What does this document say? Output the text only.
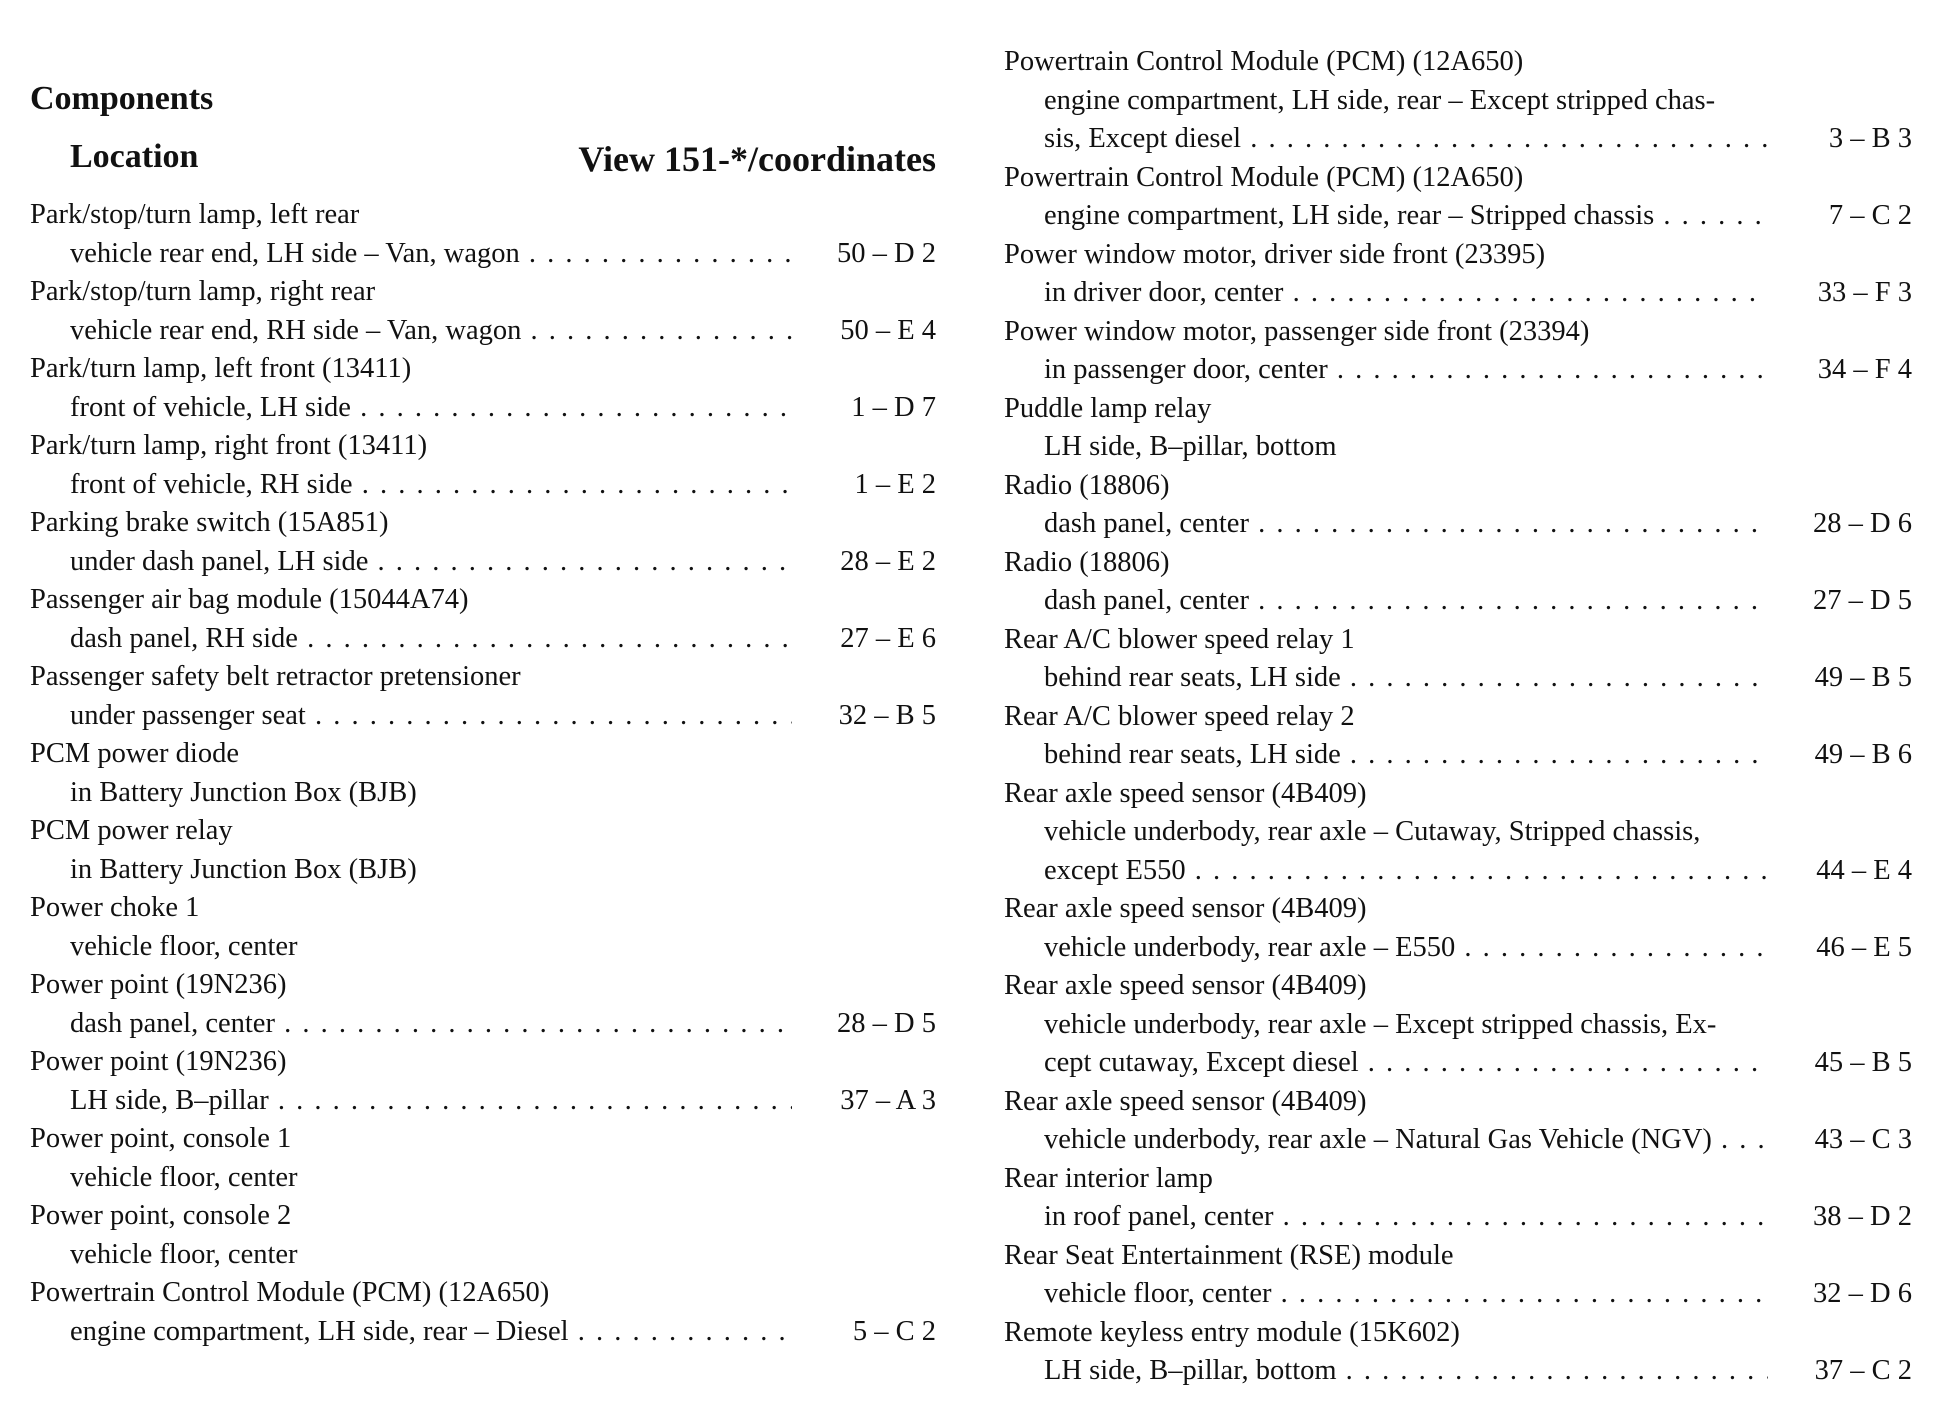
Components
Location	View 151-*/coordinates
Park/stop/turn lamp, left rear
vehicle rear end, LH side – Van, wagon . . .	50 – D 2
Park/stop/turn lamp, right rear
vehicle rear end, RH side – Van, wagon . . .	50 – E 4
Park/turn lamp, left front (13411)
front of vehicle, LH side . . .	1 – D 7
Park/turn lamp, right front (13411)
front of vehicle, RH side . . .	1 – E 2
Parking brake switch (15A851)
under dash panel, LH side . . .	28 – E 2
Passenger air bag module (15044A74)
dash panel, RH side . . .	27 – E 6
Passenger safety belt retractor pretensioner
under passenger seat . . .	32 – B 5
PCM power diode
in Battery Junction Box (BJB)
PCM power relay
in Battery Junction Box (BJB)
Power choke 1
vehicle floor, center
Power point (19N236)
dash panel, center . . .	28 – D 5
Power point (19N236)
LH side, B–pillar . . .	37 – A 3
Power point, console 1
vehicle floor, center
Power point, console 2
vehicle floor, center
Powertrain Control Module (PCM) (12A650)
engine compartment, LH side, rear – Diesel . . .	5 – C 2
Powertrain Control Module (PCM) (12A650)
engine compartment, LH side, rear – Except stripped chas-
sis, Except diesel . . .	3 – B 3
Powertrain Control Module (PCM) (12A650)
engine compartment, LH side, rear – Stripped chassis . . .	7 – C 2
Power window motor, driver side front (23395)
in driver door, center . . .	33 – F 3
Power window motor, passenger side front (23394)
in passenger door, center . . .	34 – F 4
Puddle lamp relay
LH side, B–pillar, bottom
Radio (18806)
dash panel, center . . .	28 – D 6
Radio (18806)
dash panel, center . . .	27 – D 5
Rear A/C blower speed relay 1
behind rear seats, LH side . . .	49 – B 5
Rear A/C blower speed relay 2
behind rear seats, LH side . . .	49 – B 6
Rear axle speed sensor (4B409)
vehicle underbody, rear axle – Cutaway, Stripped chassis,
except E550 . . .	44 – E 4
Rear axle speed sensor (4B409)
vehicle underbody, rear axle – E550 . . .	46 – E 5
Rear axle speed sensor (4B409)
vehicle underbody, rear axle – Except stripped chassis, Ex-
cept cutaway, Except diesel . . .	45 – B 5
Rear axle speed sensor (4B409)
vehicle underbody, rear axle – Natural Gas Vehicle (NGV) . . .	43 – C 3
Rear interior lamp
in roof panel, center . . .	38 – D 2
Rear Seat Entertainment (RSE) module
vehicle floor, center . . .	32 – D 6
Remote keyless entry module (15K602)
LH side, B–pillar, bottom . . .	37 – C 2
